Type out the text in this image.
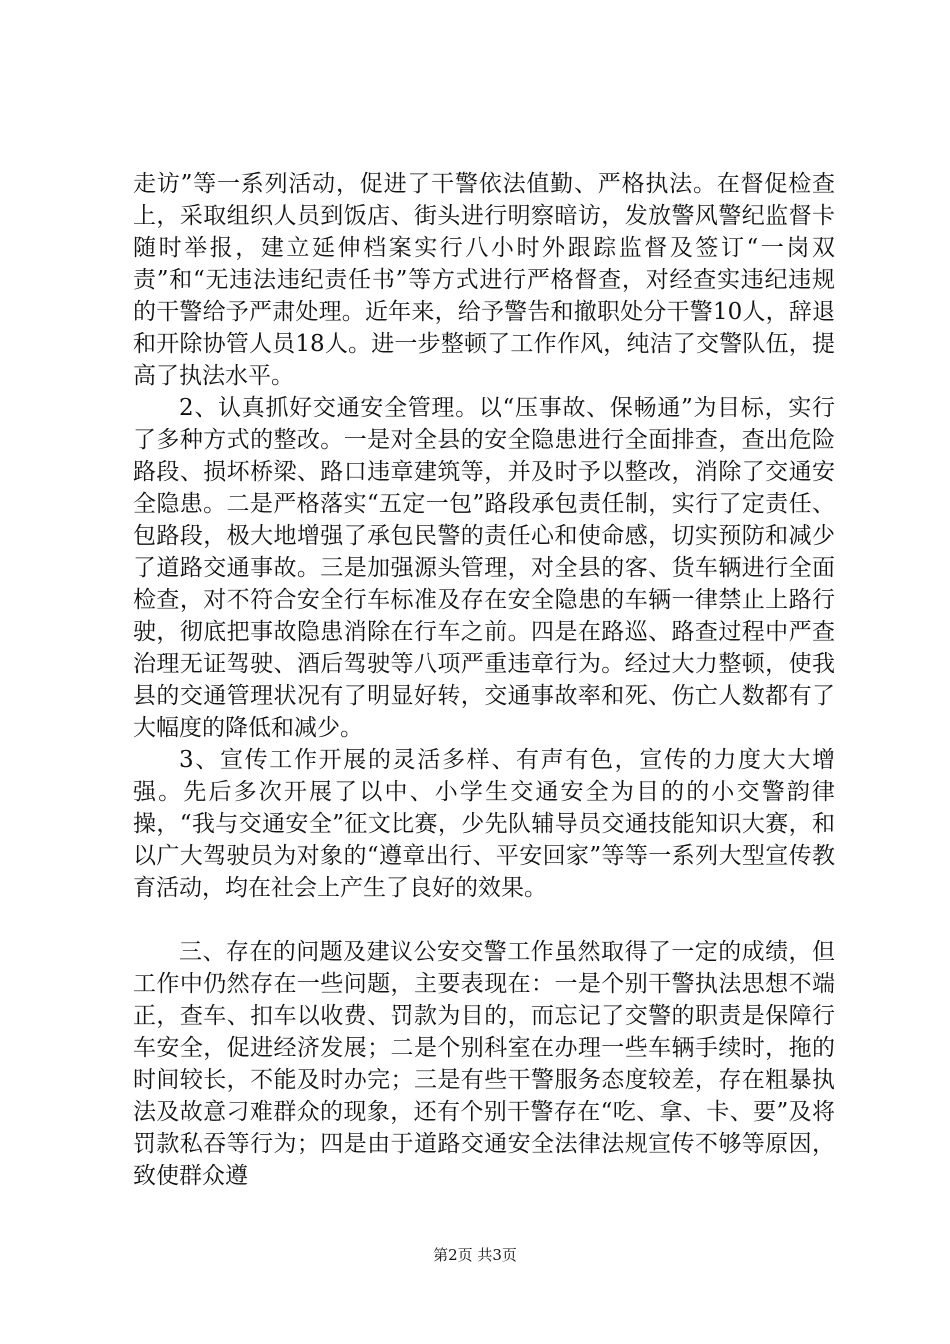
走访”等一系列活动，促进了干警依法值勤、严格执法。在督促检查上，采取组织人员到饭店、街头进行明察暗访，发放警风警纪监督卡随时举报，建立延伸档案实行八小时外跟踪监督及签订“一岗双责”和“无违法违纪责任书”等方式进行严格督查，对经查实违纪违规的干警给予严肃处理。近年来，给予警告和撤职处分干警10人，辞退和开除协管人员18人。进一步整顿了工作作风，纯洁了交警队伍，提高了执法水平。

2、认真抓好交通安全管理。以“压事故、保畅通”为目标，实行了多种方式的整改。一是对全县的安全隐患进行全面排查，查出危险路段、损坏桥梁、路口违章建筑等，并及时予以整改，消除了交通安全隐患。二是严格落实“五定一包”路段承包责任制，实行了定责任、包路段，极大地增强了承包民警的责任心和使命感，切实预防和减少了道路交通事故。三是加强源头管理，对全县的客、货车辆进行全面检查，对不符合安全行车标准及存在安全隐患的车辆一律禁止上路行驶，彻底把事故隐患消除在行车之前。四是在路巡、路查过程中严查治理无证驾驶、酒后驾驶等八项严重违章行为。经过大力整顿，使我县的交通管理状况有了明显好转，交通事故率和死、伤亡人数都有了大幅度的降低和减少。

3、宣传工作开展的灵活多样、有声有色，宣传的力度大大增强。先后多次开展了以中、小学生交通安全为目的的小交警韵律操，“我与交通安全”征文比赛，少先队辅导员交通技能知识大赛，和以广大驾驶员为对象的“遵章出行、平安回家”等等一系列大型宣传教育活动，均在社会上产生了良好的效果。

三、存在的问题及建议公安交警工作虽然取得了一定的成绩，但工作中仍然存在一些问题，主要表现在：一是个别干警执法思想不端正，查车、扣车以收费、罚款为目的，而忘记了交警的职责是保障行车安全，促进经济发展；二是个别科室在办理一些车辆手续时，拖的时间较长，不能及时办完；三是有些干警服务态度较差，存在粗暴执法及故意刁难群众的现象，还有个别干警存在“吃、拿、卡、要”及将罚款私吞等行为；四是由于道路交通安全法律法规宣传不够等原因，致使群众遵

第2页 共3页
